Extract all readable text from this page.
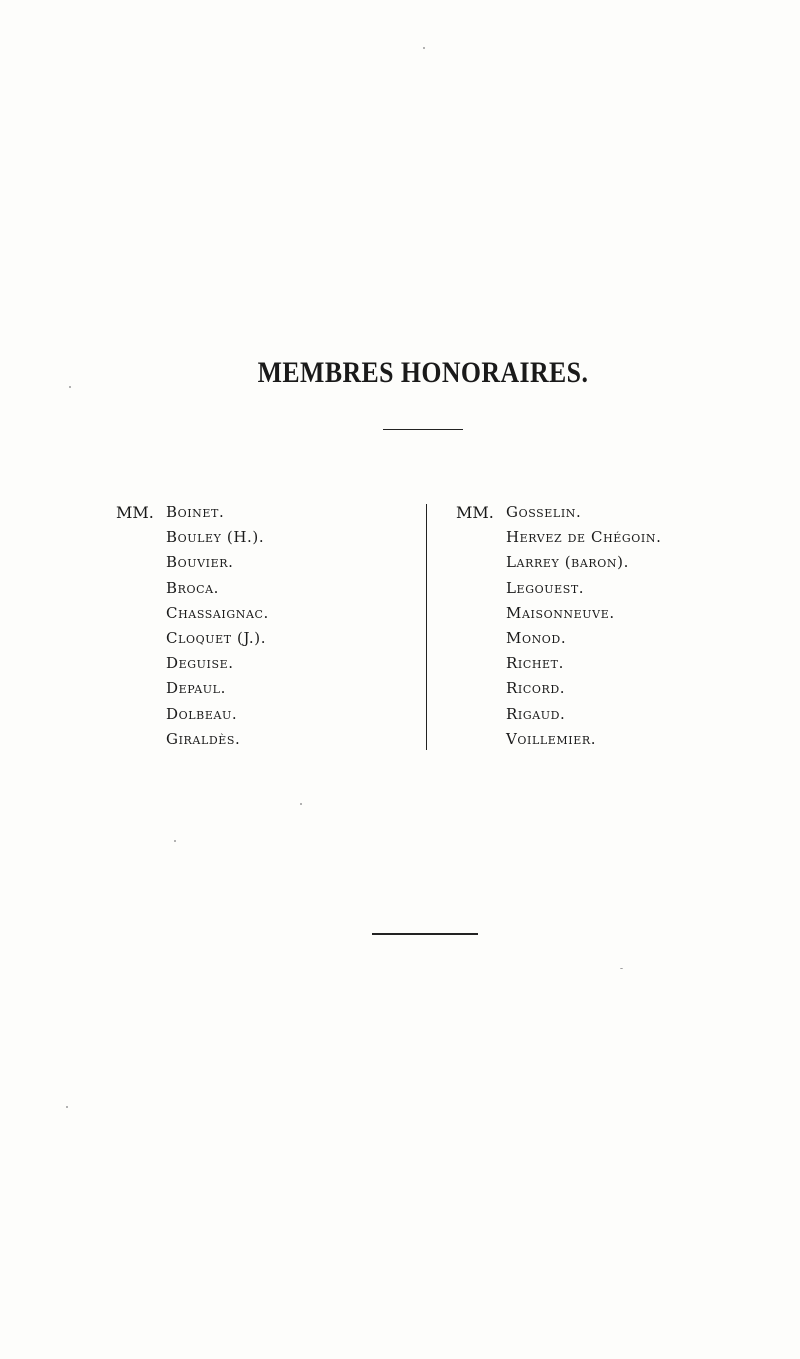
MEMBRES HONORAIRES.
MM. Boinet.
Bouley (H.).
Bouvier.
Broca.
Chassaignac.
Cloquet (J.).
Deguise.
Depaul.
Dolbeau.
Giraldès.
MM. Gosselin.
Hervez de Chégoin.
Larrey (baron).
Legouest.
Maisonneuve.
Monod.
Richet.
Ricord.
Rigaud.
Voillemier.
